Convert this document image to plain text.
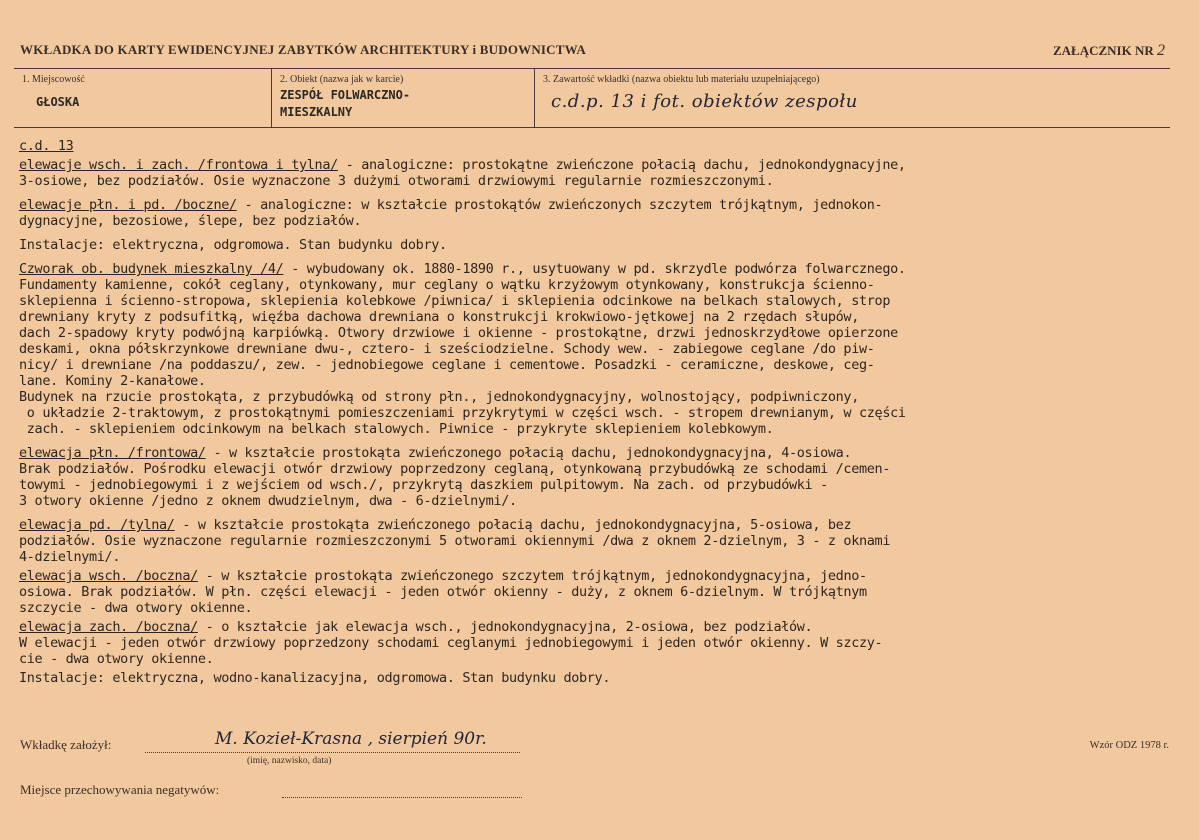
WKŁADKA DO KARTY EWIDENCYJNEJ ZABYTKÓW ARCHITEKTURY i BUDOWNICTWA	ZAŁĄCZNIK NR 2
1. Miejscowość
GŁOSKA
2. Obiekt (nazwa jak w karcie)
ZESPÓŁ FOLWARCZNO-
MIESZKALNY
3. Zawartość wkładki (nazwa obiektu lub materiału uzupełniającego)
c.d.p. 13 i fot. obiektów zespołu
c.d. 13
elewacje wsch. i zach. /frontowa i tylna/ - analogiczne: prostokątne zwieńczone połacią dachu, jednokondygnacyjne,
3-osiowe, bez podziałów. Osie wyznaczone 3 dużymi otworami drzwiowymi regularnie rozmieszczonymi.
elewacje płn. i pd. /boczne/ - analogiczne: w kształcie prostokątów zwieńczonych szczytem trójkątnym, jednokon-
dygnacyjne, bezosiowe, ślepe, bez podziałów.
Instalacje: elektryczna, odgromowa. Stan budynku dobry.
Czworak ob. budynek mieszkalny /4/ - wybudowany ok. 1880-1890 r., usytuowany w pd. skrzydle podwórza folwarcznego.
Fundamenty kamienne, cokół ceglany, otynkowany, mur ceglany o wątku krzyżowym otynkowany, konstrukcja ścienno-
sklepienna i ścienno-stropowa, sklepienia kolebkowe /piwnica/ i sklepienia odcinkowe na belkach stalowych, strop
drewniany kryty z podsufitką, więźba dachowa drewniana o konstrukcji krokwiowo-jętkowej na 2 rzędach słupów,
dach 2-spadowy kryty podwójną karpiówką. Otwory drzwiowe i okienne - prostokątne, drzwi jednoskrzydłowe opierzone
deskami, okna półskrzynkowe drewniane dwu-, cztero- i sześciodzielne. Schody wew. - zabiegowe ceglane /do piw-
nicy/ i drewniane /na poddaszu/, zew. - jednobiegowe ceglane i cementowe. Posadzki - ceramiczne, deskowe, ceg-
lane. Kominy 2-kanałowe.
Budynek na rzucie prostokąta, z przybudówką od strony płn., jednokondygnacyjny, wolnostojący, podpiwniczony,
o układzie 2-traktowym, z prostokątnymi pomieszczeniami przykrytymi w części wsch. - stropem drewnianym, w części
zach. - sklepieniem odcinkowym na belkach stalowych. Piwnice - przykryte sklepieniem kolebkowym.
elewacja płn. /frontowa/ - w kształcie prostokąta zwieńczonego połacią dachu, jednokondygnacyjna, 4-osiowa.
Brak podziałów. Pośrodku elewacji otwór drzwiowy poprzedzony ceglaną, otynkowaną przybudówką ze schodami /cemen-
towymi - jednobiegowymi i z wejściem od wsch./, przykrytą daszkiem pulpitowym. Na zach. od przybudówki -
3 otwory okienne /jedno z oknem dwudzielnym, dwa - 6-dzielnymi/.
elewacja pd. /tylna/ - w kształcie prostokąta zwieńczonego połacią dachu, jednokondygnacyjna, 5-osiowa, bez
podziałów. Osie wyznaczone regularnie rozmieszczonymi 5 otworami okiennymi /dwa z oknem 2-dzielnym, 3 - z oknami
4-dzielnymi/.
elewacja wsch. /boczna/ - w kształcie prostokąta zwieńczonego szczytem trójkątnym, jednokondygnacyjna, jedno-
osiowa. Brak podziałów. W płn. części elewacji - jeden otwór okienny - duży, z oknem 6-dzielnym. W trójkątnym
szczycie - dwa otwory okienne.
elewacja zach. /boczna/ - o kształcie jak elewacja wsch., jednokondygnacyjna, 2-osiowa, bez podziałów.
W elewacji - jeden otwór drzwiowy poprzedzony schodami ceglanymi jednobiegowymi i jeden otwór okienny. W szczy-
cie - dwa otwory okienne.
Instalacje: elektryczna, wodno-kanalizacyjna, odgromowa. Stan budynku dobry.
Wkładkę założył:	M. Kozieł-Krasna , sierpień 90r.
(imię, nazwisko, data)
Wzór ODZ 1978 r.
Miejsce przechowywania negatywów:
